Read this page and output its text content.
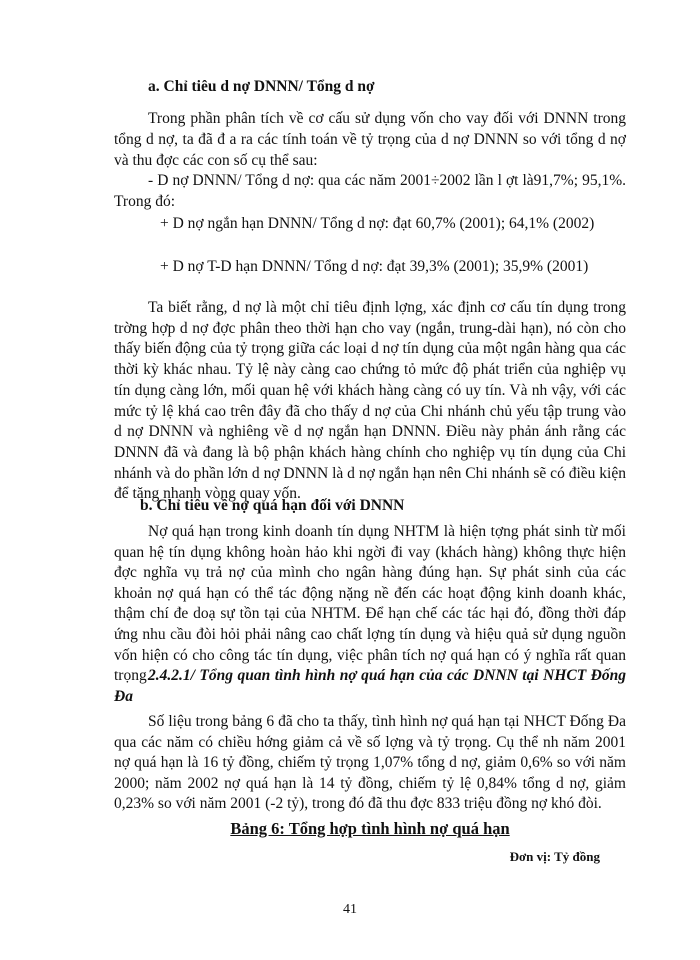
a. Chỉ tiêu d nợ DNNN/ Tổng d nợ
Trong phần phân tích về cơ cấu sử dụng vốn cho vay đối với DNNN trong tổng d nợ, ta đã đ a ra các tính toán về tỷ trọng của d nợ DNNN so với tổng d nợ và thu đợc các con số cụ thể sau:
- D nợ DNNN/ Tổng d nợ: qua các năm 2001÷2002 lần l ợt là91,7%; 95,1%. Trong đó:
+ D nợ ngắn hạn DNNN/ Tổng d nợ: đạt 60,7% (2001); 64,1% (2002)
+ D nợ T-D hạn DNNN/ Tổng d nợ: đạt 39,3% (2001); 35,9% (2001)
Ta biết rằng, d nợ là một chỉ tiêu định lợng, xác định cơ cấu tín dụng trong trờng hợp d nợ đợc phân theo thời hạn cho vay (ngắn, trung-dài hạn), nó còn cho thấy biến động của tỷ trọng giữa các loại d nợ tín dụng của một ngân hàng qua các thời kỳ khác nhau. Tỷ lệ này càng cao chứng tỏ mức độ phát triển của nghiệp vụ tín dụng càng lớn, mối quan hệ với khách hàng càng có uy tín. Và nh vậy, với các mức tỷ lệ khá cao trên đây đã cho thấy d nợ của Chi nhánh chủ yếu tập trung vào d nợ DNNN và nghiêng về d nợ ngắn hạn DNNN. Điều này phản ánh rằng các DNNN đã và đang là bộ phận khách hàng chính cho nghiệp vụ tín dụng của Chi nhánh và do phần lớn d nợ DNNN là d nợ ngắn hạn nên Chi nhánh sẽ có điều kiện để tăng nhanh vòng quay vốn.
b. Chỉ tiêu về nợ quá hạn đối với DNNN
Nợ quá hạn trong kinh doanh tín dụng NHTM là hiện tợng phát sinh từ mối quan hệ tín dụng không hoàn hảo khi ngời đi vay (khách hàng) không thực hiện đợc nghĩa vụ trả nợ của mình cho ngân hàng đúng hạn. Sự phát sinh của các khoản nợ quá hạn có thể tác động nặng nề đến các hoạt động kinh doanh khác, thậm chí đe doạ sự tồn tại của NHTM. Để hạn chế các tác hại đó, đồng thời đáp ứng nhu cầu đòi hỏi phải nâng cao chất lợng tín dụng và hiệu quả sử dụng nguồn vốn hiện có cho công tác tín dụng, việc phân tích nợ quá hạn có ý nghĩa rất quan trọng.
2.4.2.1/ Tổng quan tình hình nợ quá hạn của các DNNN tại NHCT Đống Đa
Số liệu trong bảng 6 đã cho ta thấy, tình hình nợ quá hạn tại NHCT Đống Đa qua các năm có chiều hớng giảm cả về số lợng và tỷ trọng. Cụ thể nh năm 2001 nợ quá hạn là 16 tỷ đồng, chiếm tỷ trọng 1,07% tổng d nợ, giảm 0,6% so với năm 2000; năm 2002 nợ quá hạn là 14 tỷ đồng, chiếm tỷ lệ 0,84% tổng d nợ, giảm 0,23% so với năm 2001 (-2 tỷ), trong đó đã thu đợc 833 triệu đồng nợ khó đòi.
Bảng 6: Tổng hợp tình hình nợ quá hạn
Đơn vị: Tỷ đồng
41
